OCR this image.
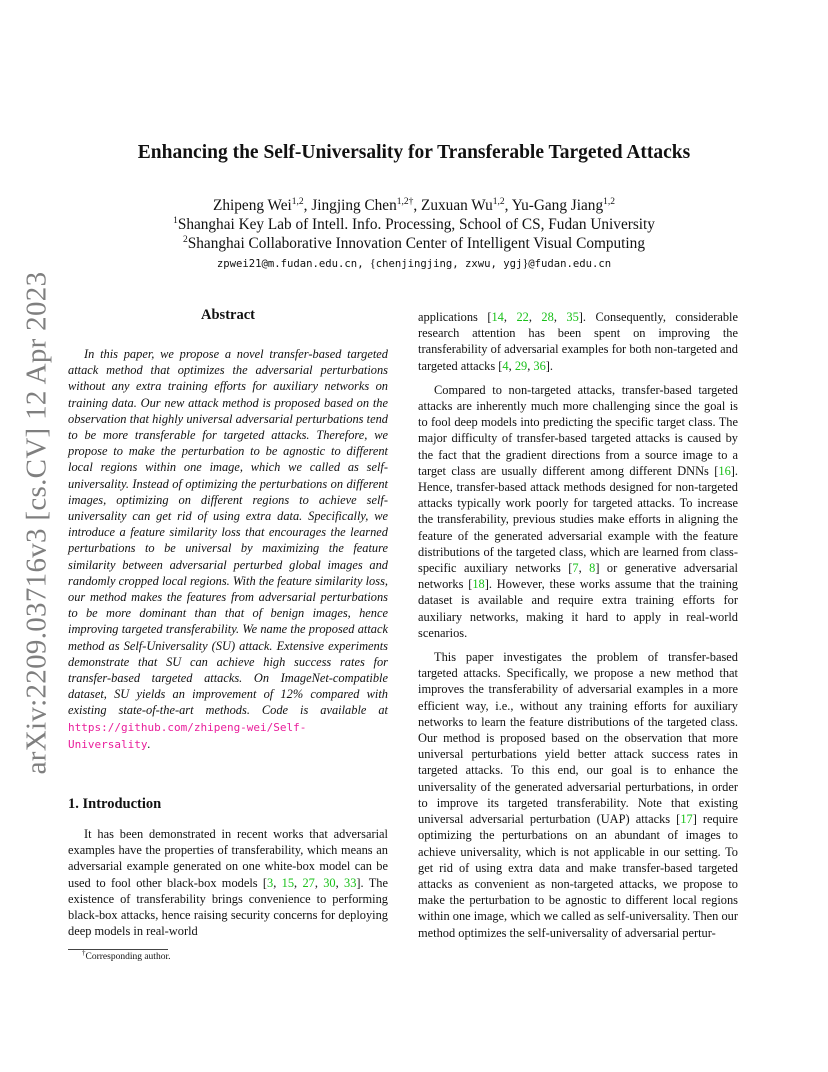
arXiv:2209.03716v3 [cs.CV] 12 Apr 2023
Enhancing the Self-Universality for Transferable Targeted Attacks
Zhipeng Wei$^{1,2}$, Jingjing Chen$^{1,2\dagger}$, Zuxuan Wu$^{1,2}$, Yu-Gang Jiang$^{1,2}$
$^1$Shanghai Key Lab of Intell. Info. Processing, School of CS, Fudan University
$^2$Shanghai Collaborative Innovation Center of Intelligent Visual Computing
zpwei21@m.fudan.edu.cn, {chenjingjing, zxwu, ygj}@fudan.edu.cn
Abstract

In this paper, we propose a novel transfer-based targeted attack method that optimizes the adversarial perturbations without any extra training efforts for auxiliary networks on training data. Our new attack method is proposed based on the observation that highly universal adversarial perturbations tend to be more transferable for targeted attacks. Therefore, we propose to make the perturbation to be agnostic to different local regions within one image, which we called as self-universality. Instead of optimizing the perturbations on different images, optimizing on different regions to achieve self-universality can get rid of using extra data. Specifically, we introduce a feature similarity loss that encourages the learned perturbations to be universal by maximizing the feature similarity between adversarial perturbed global images and randomly cropped local regions. With the feature similarity loss, our method makes the features from adversarial perturbations to be more dominant than that of benign images, hence improving targeted transferability. We name the proposed attack method as Self-Universality (SU) attack. Extensive experiments demonstrate that SU can achieve high success rates for transfer-based targeted attacks. On ImageNet-compatible dataset, SU yields an improvement of 12% compared with existing state-of-the-art methods. Code is available at https://github.com/zhipeng-wei/Self-Universality.

1. Introduction

It has been demonstrated in recent works that adversarial examples have the properties of transferability, which means an adversarial example generated on one white-box model can be used to fool other black-box models [3, 15, 27, 30, 33]. The existence of transferability brings convenience to performing black-box attacks, hence raising security concerns for deploying deep models in real-world

applications [14, 22, 28, 35]. Consequently, considerable research attention has been spent on improving the transferability of adversarial examples for both non-targeted and targeted attacks [4, 29, 36].

Compared to non-targeted attacks, transfer-based targeted attacks are inherently much more challenging since the goal is to fool deep models into predicting the specific target class. The major difficulty of transfer-based targeted attacks is caused by the fact that the gradient directions from a source image to a target class are usually different among different DNNs [16]. Hence, transfer-based attack methods designed for non-targeted attacks typically work poorly for targeted attacks. To increase the transferability, previous studies make efforts in aligning the feature of the generated adversarial example with the feature distributions of the targeted class, which are learned from class-specific auxiliary networks [7, 8] or generative adversarial networks [18]. However, these works assume that the training dataset is available and require extra training efforts for auxiliary networks, making it hard to apply in real-world scenarios.

This paper investigates the problem of transfer-based targeted attacks. Specifically, we propose a new method that improves the transferability of adversarial examples in a more efficient way, i.e., without any training efforts for auxiliary networks to learn the feature distributions of the targeted class. Our method is proposed based on the observation that more universal perturbations yield better attack success rates in targeted attacks. To this end, our goal is to enhance the universality of the generated adversarial perturbations, in order to improve its targeted transferability. Note that existing universal adversarial perturbation (UAP) attacks [17] require optimizing the perturbations on an abundant of images to achieve universality, which is not applicable in our setting. To get rid of using extra data and make transfer-based targeted attacks as convenient as non-targeted attacks, we propose to make the perturbation to be agnostic to different local regions within one image, which we called as self-universality. Then our method optimizes the self-universality of adversarial pertur-

†Corresponding author.
